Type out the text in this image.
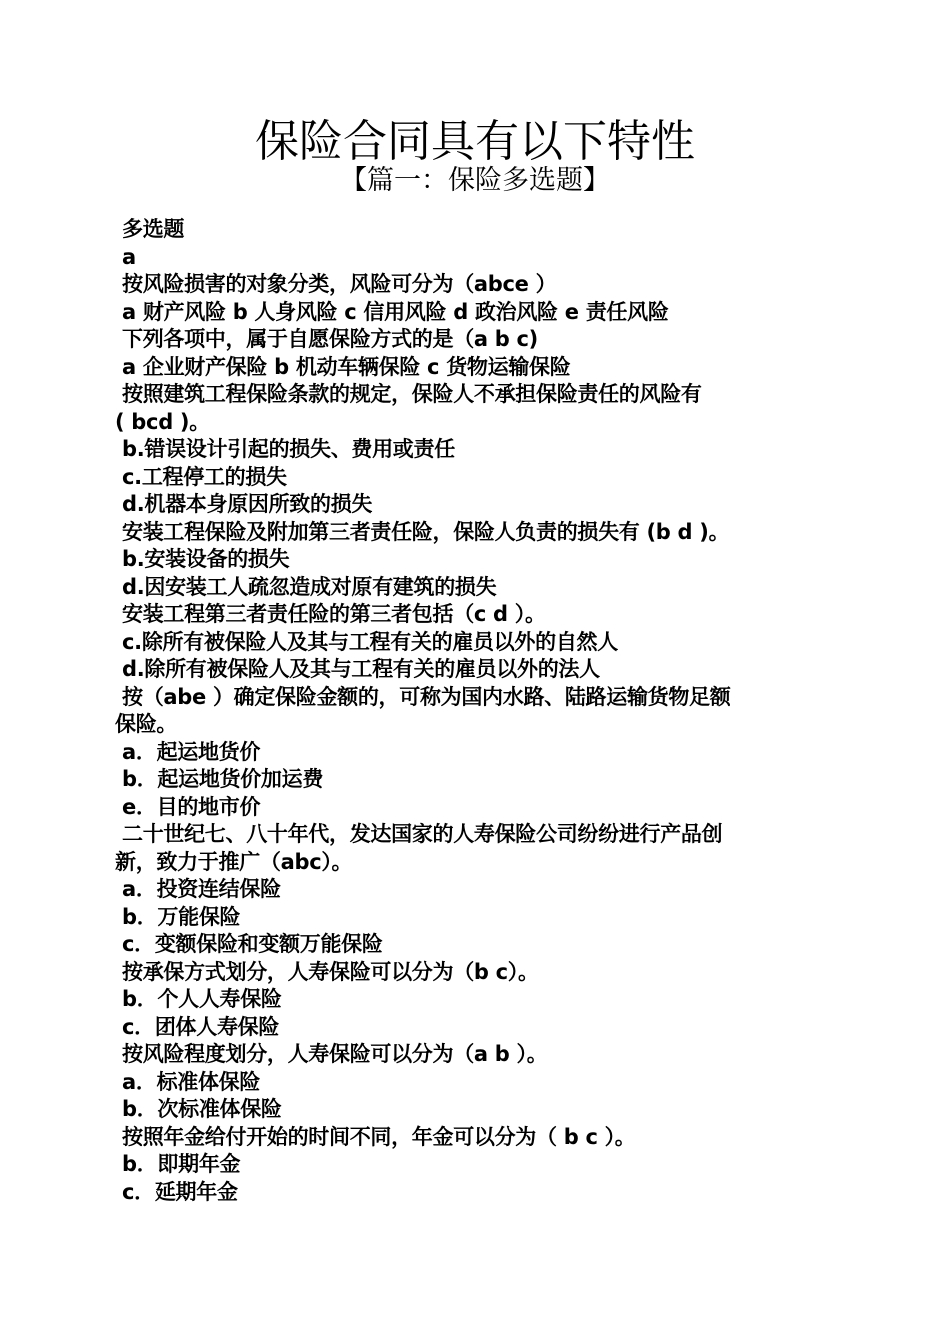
保险合同具有以下特性
【篇一：保险多选题】
多选题
a
按风险损害的对象分类，风险可分为（abce ）
a 财产风险 b 人身风险 c 信用风险 d 政治风险 e 责任风险
下列各项中，属于自愿保险方式的是（a b c)
a 企业财产保险 b 机动车辆保险 c 货物运输保险
按照建筑工程保险条款的规定，保险人不承担保险责任的风险有
( bcd )。
b.错误设计引起的损失、费用或责任
c.工程停工的损失
d.机器本身原因所致的损失
安装工程保险及附加第三者责任险，保险人负责的损失有 (b d )。
b.安装设备的损失
d.因安装工人疏忽造成对原有建筑的损失
安装工程第三者责任险的第三者包括（c d ）。
c.除所有被保险人及其与工程有关的雇员以外的自然人
d.除所有被保险人及其与工程有关的雇员以外的法人
按（abe ）确定保险金额的，可称为国内水路、陆路运输货物足额
保险。
a．起运地货价
b．起运地货价加运费
e．目的地市价
二十世纪七、八十年代，发达国家的人寿保险公司纷纷进行产品创
新，致力于推广（abc）。
a．投资连结保险
b．万能保险
c．变额保险和变额万能保险
按承保方式划分，人寿保险可以分为（b c）。
b．个人人寿保险
c．团体人寿保险
按风险程度划分，人寿保险可以分为（a b ）。
a．标准体保险
b．次标准体保险
按照年金给付开始的时间不同，年金可以分为（ b c ）。
b．即期年金
c．延期年金
